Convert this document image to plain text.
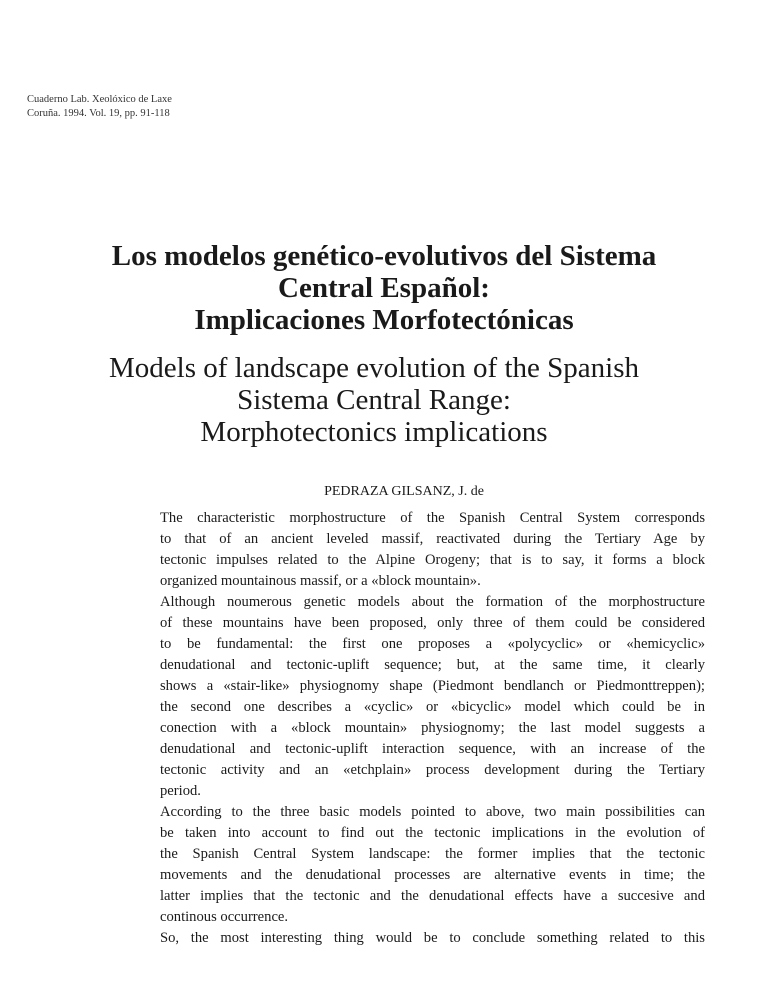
Cuaderno Lab. Xeolóxico de Laxe
Coruña. 1994. Vol. 19, pp. 91-118
Los modelos genético-evolutivos del Sistema
Central Español:
Implicaciones Morfotectónicas
Models of landscape evolution of the Spanish
Sistema Central Range:
Morphotectonics implications
PEDRAZA GILSANZ, J. de
The characteristic morphostructure of the Spanish Central System corresponds
to that of an ancient leveled massif, reactivated during the Tertiary Age by
tectonic impulses related to the Alpine Orogeny; that is to say, it forms a block
organized mountainous massif, or a «block mountain».
Although noumerous genetic models about the formation of the morphostructure
of these mountains have been proposed, only three of them could be considered
to be fundamental: the first one proposes a «polycyclic» or «hemicyclic»
denudational and tectonic-uplift sequence; but, at the same time, it clearly
shows a «stair-like» physiognomy shape (Piedmont bendlanch or Piedmonttreppen);
the second one describes a «cyclic» or «bicyclic» model which could be in
conection with a «block mountain» physiognomy; the last model suggests a
denudational and tectonic-uplift interaction sequence, with an increase of the
tectonic activity and an «etchplain» process development during the Tertiary
period.
According to the three basic models pointed to above, two main possibilities can
be taken into account to find out the tectonic implications in the evolution of
the Spanish Central System landscape: the former implies that the tectonic
movements and the denudational processes are alternative events in time; the
latter implies that the tectonic and the denudational effects have a succesive and
continous occurrence.
So, the most interesting thing would be to conclude something related to this
